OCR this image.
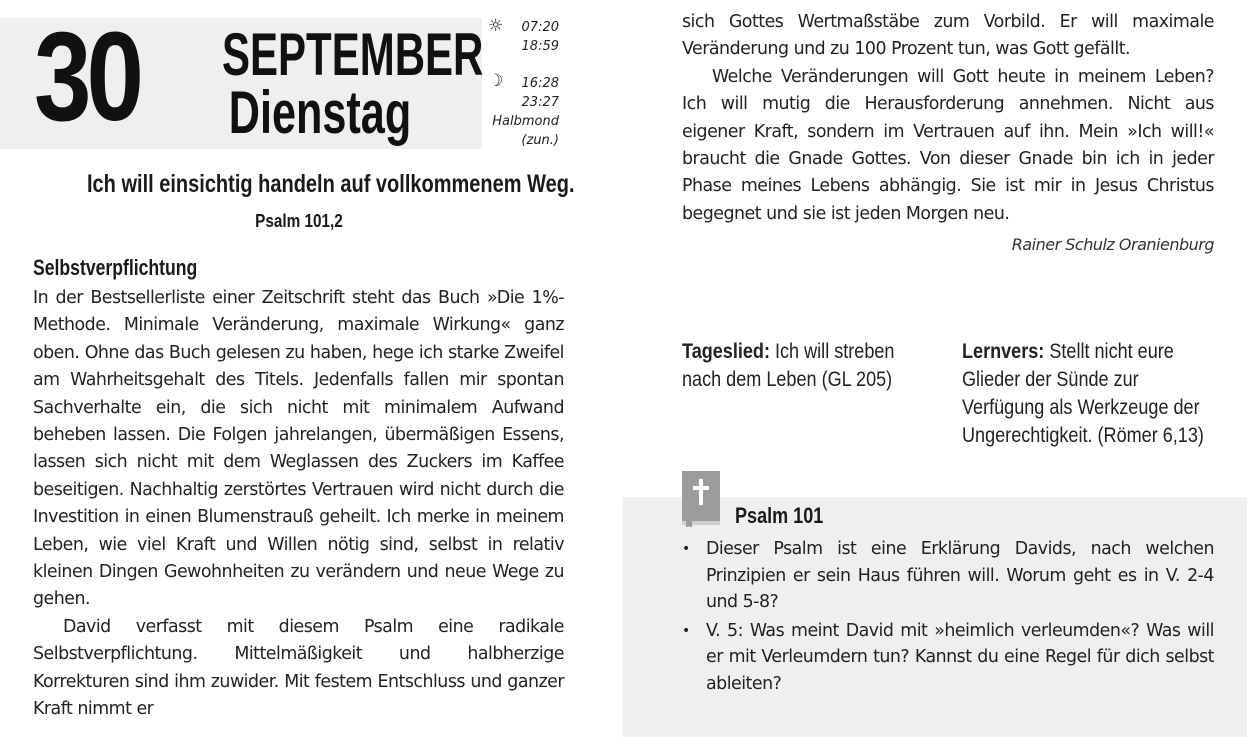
30 SEPTEMBER
Dienstag
☼	07:20
18:59
☽	16:28
23:27
Halbmond
(zun.)
Ich will einsichtig handeln auf vollkommenem Weg.
Psalm 101,2
Selbstverpflichtung

In der Bestsellerliste einer Zeitschrift steht das Buch »Die 1%-Methode. Minimale Veränderung, maximale Wirkung« ganz oben. Ohne das Buch gelesen zu haben, hege ich starke Zweifel am Wahrheitsgehalt des Titels. Jedenfalls fallen mir spontan Sachverhalte ein, die sich nicht mit minimalem Aufwand beheben lassen. Die Folgen jahrelangen, übermäßigen Essens, lassen sich nicht mit dem Weglassen des Zuckers im Kaffee beseitigen. Nachhaltig zerstörtes Vertrauen wird nicht durch die Investition in einen Blumenstrauß geheilt. Ich merke in meinem Leben, wie viel Kraft und Willen nötig sind, selbst in relativ kleinen Dingen Gewohnheiten zu verändern und neue Wege zu gehen.

David verfasst mit diesem Psalm eine radikale Selbstverpflichtung. Mittelmäßigkeit und halbherzige Korrekturen sind ihm zuwider. Mit festem Entschluss und ganzer Kraft nimmt er

sich Gottes Wertmaßstäbe zum Vorbild. Er will maximale Veränderung und zu 100 Prozent tun, was Gott gefällt.

Welche Veränderungen will Gott heute in meinem Leben? Ich will mutig die Herausforderung annehmen. Nicht aus eigener Kraft, sondern im Vertrauen auf ihn. Mein »Ich will!« braucht die Gnade Gottes. Von dieser Gnade bin ich in jeder Phase meines Lebens abhängig. Sie ist mir in Jesus Christus begegnet und sie ist jeden Morgen neu.

Rainer Schulz Oranienburg
Tageslied: Ich will streben nach dem Leben (GL 205)
Lernvers: Stellt nicht eure Glieder der Sünde zur Verfügung als Werkzeuge der Ungerechtigkeit. (Römer 6,13)
Psalm 101
• Dieser Psalm ist eine Erklärung Davids, nach welchen Prinzipien er sein Haus führen will. Worum geht es in V. 2-4 und 5-8?
• V. 5: Was meint David mit »heimlich verleumden«? Was will er mit Verleumdern tun? Kannst du eine Regel für dich selbst ableiten?
